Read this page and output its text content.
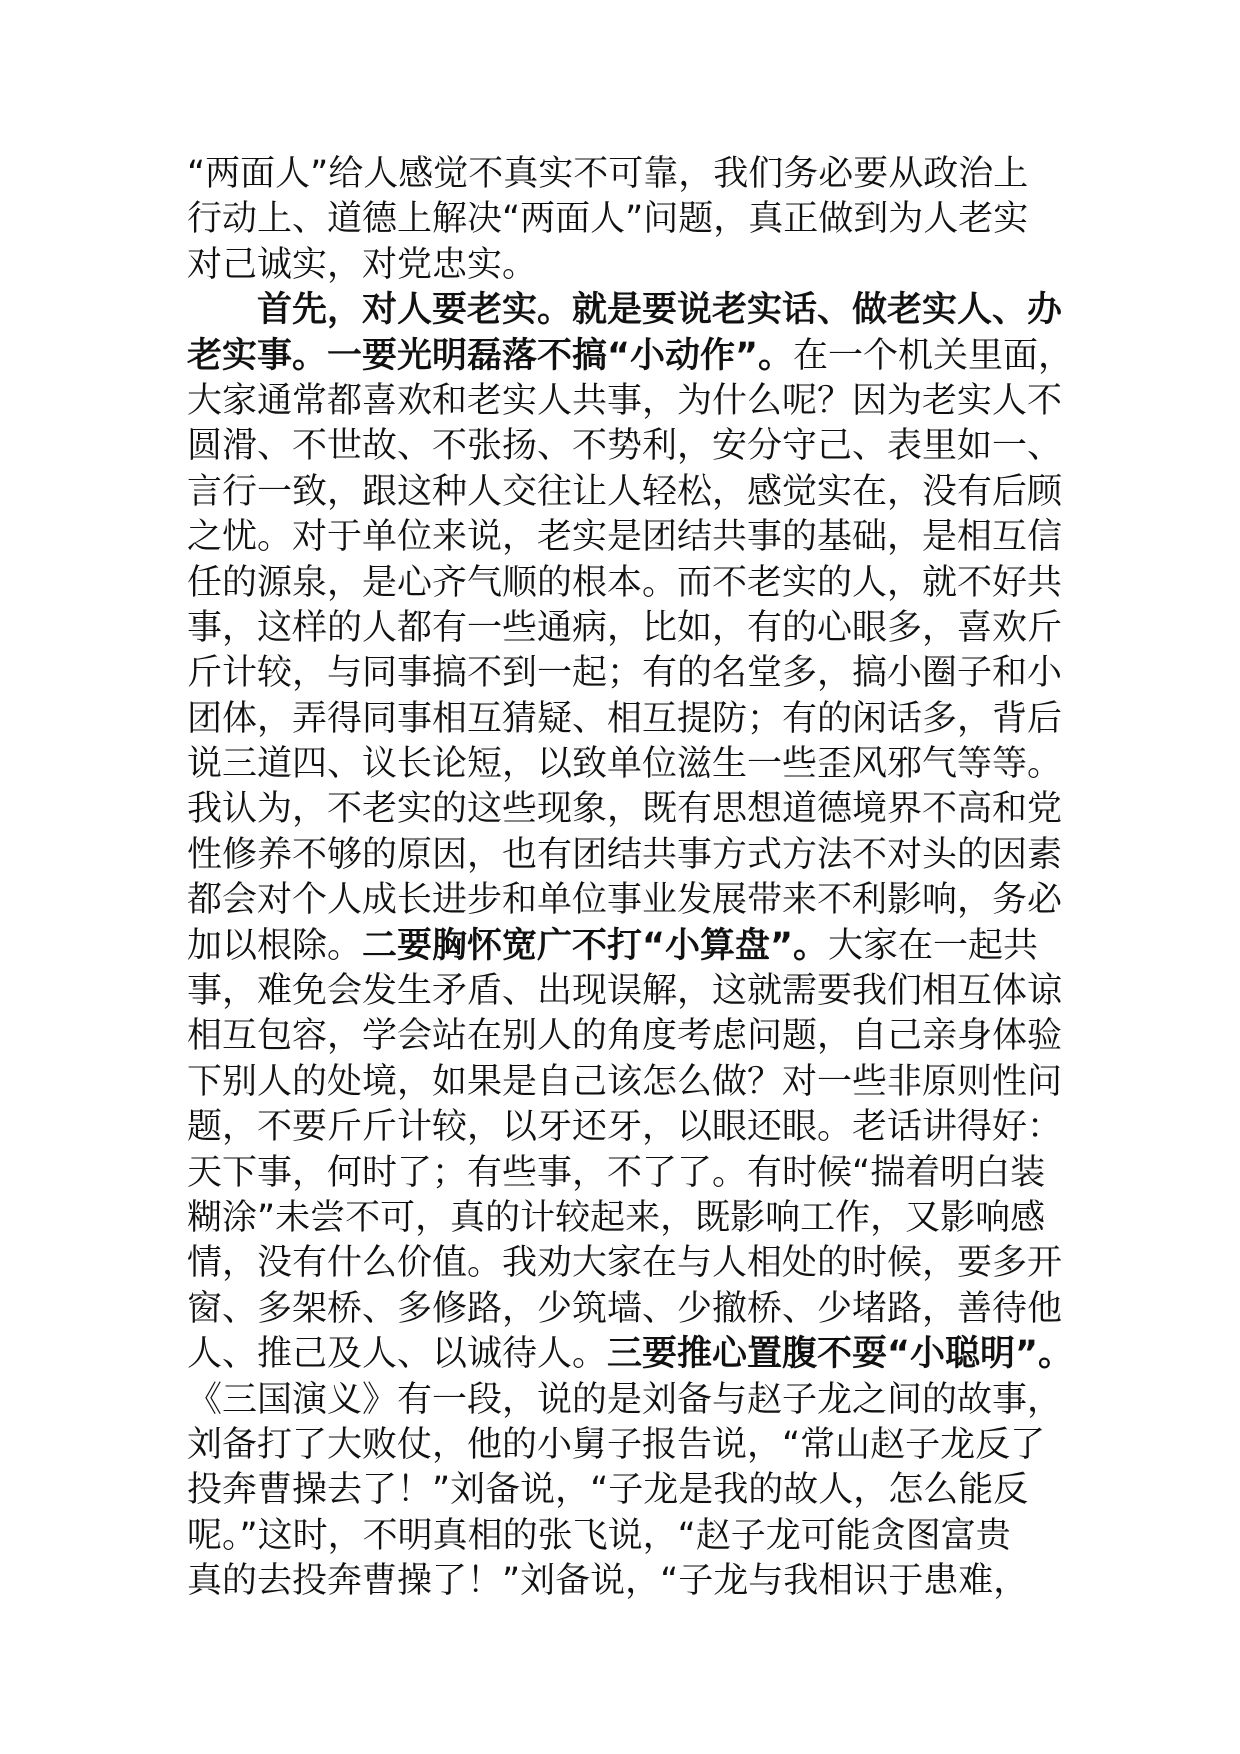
“两面人”给人感觉不真实不可靠，我们务必要从政治上
行动上、道德上解决“两面人”问题，真正做到为人老实
对己诚实，对党忠实。
首先，对人要老实。就是要说老实话、做老实人、办
老实事。一要光明磊落不搞“小动作”。在一个机关里面，
大家通常都喜欢和老实人共事，为什么呢？因为老实人不
圆滑、不世故、不张扬、不势利，安分守己、表里如一、
言行一致，跟这种人交往让人轻松，感觉实在，没有后顾
之忧。对于单位来说，老实是团结共事的基础，是相互信
任的源泉，是心齐气顺的根本。而不老实的人，就不好共
事，这样的人都有一些通病，比如，有的心眼多，喜欢斤
斤计较，与同事搞不到一起；有的名堂多，搞小圈子和小
团体，弄得同事相互猜疑、相互提防；有的闲话多，背后
说三道四、议长论短，以致单位滋生一些歪风邪气等等。
我认为，不老实的这些现象，既有思想道德境界不高和党
性修养不够的原因，也有团结共事方式方法不对头的因素
都会对个人成长进步和单位事业发展带来不利影响，务必
加以根除。二要胸怀宽广不打“小算盘”。大家在一起共
事，难免会发生矛盾、出现误解，这就需要我们相互体谅
相互包容，学会站在别人的角度考虑问题，自己亲身体验
下别人的处境，如果是自己该怎么做？对一些非原则性问
题，不要斤斤计较，以牙还牙，以眼还眼。老话讲得好：
天下事，何时了；有些事，不了了。有时候“揣着明白装
糊涂”未尝不可，真的计较起来，既影响工作，又影响感
情，没有什么价值。我劝大家在与人相处的时候，要多开
窗、多架桥、多修路，少筑墙、少撤桥、少堵路，善待他
人、推己及人、以诚待人。三要推心置腹不耍“小聪明”。
《三国演义》有一段，说的是刘备与赵子龙之间的故事，
刘备打了大败仗，他的小舅子报告说，“常山赵子龙反了
投奔曹操去了！”刘备说，“子龙是我的故人，怎么能反
呢。”这时，不明真相的张飞说，“赵子龙可能贪图富贵
真的去投奔曹操了！”刘备说，“子龙与我相识于患难，
